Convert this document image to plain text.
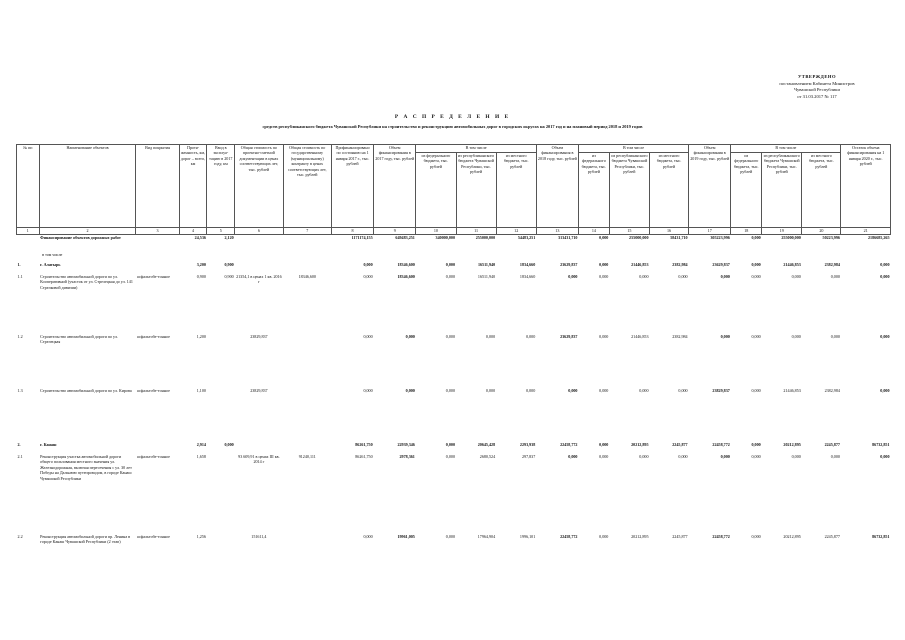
УТВЕРЖДЕНО
постановлением Кабинета Министров
Чувашской Республики
от 31.03.2017 № 117
Р А С П Р Е Д Е Л Е Н И Е
средств республиканского бюджета Чувашской Республики на строительство и реконструкцию автомобильных дорог в городских округах на 2017 год и на плановый период 2018 и 2019 годов
№ пп	Наименование объектов	Вид покрытия	Протя-женность, км, дорог – всего, км	Ввод в эксплуа-тацию в 2017 году, км	Общая стоимость по проектно-сметной документации в ценах соответствующих лет, тыс. рублей	Общая стоимость по государственному (муниципальному) контракту в ценах соответствующих лет, тыс. рублей	Профинансировано по состоянию на 1 января 2017 г., тыс. рублей	Объем финансирования в 2017 году, тыс. рублей	В том числе			Объем финансирования в 2018 году, тыс. рублей	В том числе			Объем финансирования в 2019 году, тыс. рублей	В том числе			Остаток объема финансирования на 1 января 2020 г., тыс. рублей
									из федерального бюджета, тыс. рублей	из республиканского бюджета Чувашской Республики, тыс. рублей	из местного бюджета, тыс. рублей		из федерального бюджета, тыс. рублей	из республиканского бюджета Чувашской Республики, тыс. рублей	из местного бюджета, тыс. рублей		из федерального бюджета, тыс. рублей	из республиканского бюджета Чувашской Республики, тыс. рублей	из местного бюджета, тыс. рублей	
1	2	3	4	5	6	7	8	9	10	11	12	13	14	15	16	17	18	19	20	21
	Финансирование объектов дорожных работ		24,536	2,120			1171174,155	649483,251	340000,000	255000,000	54483,251	313431,710	0,000	255000,000	58431,710	305223,996	0,000	255000,000	50223,996	2186685,265
	в том числе																			
1.	г. Алатырь		3,200	0,900			0,000	18346,600	0,000	16511,940	1834,660	23629,837	0,000	21446,853	2382,984	23629,837	0,000	21446,853	2382,984	0,000
1.1	Строительство автомобильной дороги по ул. Кооперативной (участок от ул. Стрелецкая до ул. 141 Стрелковой дивизии)	асфальтобе-тонное	0,900	0,900	21354,1 в ценах 1 кв. 2016 г	18346,600	0,000	18346,600	0,000	16511,940	1834,660	0,000	0,000	0,000	0,000	0,000	0,000	0,000	0,000	0,000
1.2	Строительство автомобильной дороги по ул. Стрелецкая	асфальтобе-тонное	1,200		23829,837		0,000	0,000	0,000	0,000	0,000	23629,837	0,000	21446,853	2382,984	0,000	0,000	0,000	0,000	0,000
1.3	Строительство автомобильной дороги по ул. Кирова	асфальтобе-тонное	1,100		23829,837		0,000	0,000	0,000	0,000	0,000	0,000	0,000	0,000	0,000	23829,837	0,000	21446,853	2382,984	0,000
2.	г. Канаш		2,914	0,000			86261,750	22939,346	0,000	20645,428	2293,938	22458,772	0,000	20212,895	2245,877	22458,772	0,000	20212,895	2245,877	86732,851
2.1	Реконструкция участка автомобильной дороги общего пользования местного значения ул. Железнодорожная, включая пересечения с ул. 30 лет Победы на Дальнюю путепроводом, в городе Канаш Чувашской Республики	асфальтобе-тонное	1,658		93 609,91 в ценах III кв. 2014 г	91240,111	86261,750	2978,361	0,000	2680,524	297,837	0,000	0,000	0,000	0,000	0,000	0,000	0,000	0,000	0,000
2.2	Реконструкция автомобильной дороги пр. Ленина в городе Канаш Чувашской Республики (2 этап)	асфальтобе-тонное	1,256		151611,4		0,000	19961,005	0,000	17964,904	1996,101	22458,772	0,000	20212,895	2245,877	22458,772	0,000	20212,895	2245,877	86732,851
